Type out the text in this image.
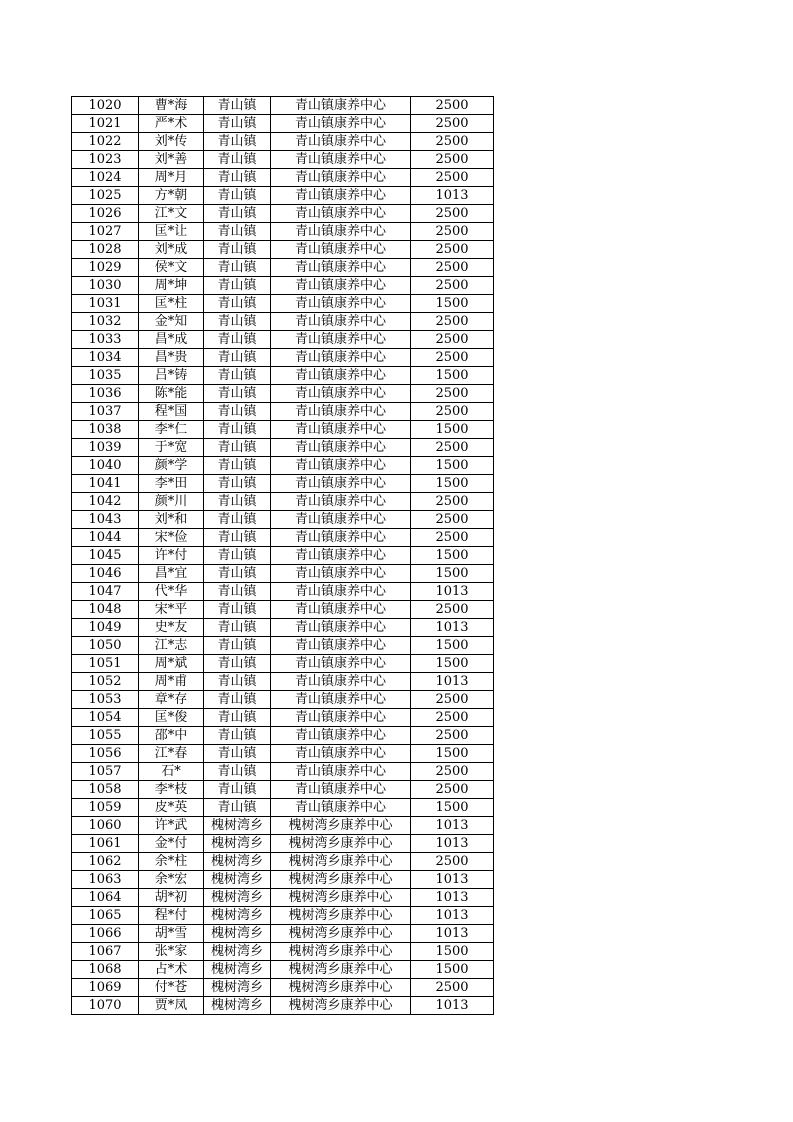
1020	曹*海	青山镇	青山镇康养中心	2500
1021	严*术	青山镇	青山镇康养中心	2500
1022	刘*传	青山镇	青山镇康养中心	2500
1023	刘*善	青山镇	青山镇康养中心	2500
1024	周*月	青山镇	青山镇康养中心	2500
1025	方*朝	青山镇	青山镇康养中心	1013
1026	江*文	青山镇	青山镇康养中心	2500
1027	匡*让	青山镇	青山镇康养中心	2500
1028	刘*成	青山镇	青山镇康养中心	2500
1029	侯*文	青山镇	青山镇康养中心	2500
1030	周*坤	青山镇	青山镇康养中心	2500
1031	匡*柱	青山镇	青山镇康养中心	1500
1032	金*知	青山镇	青山镇康养中心	2500
1033	昌*成	青山镇	青山镇康养中心	2500
1034	昌*贵	青山镇	青山镇康养中心	2500
1035	吕*铸	青山镇	青山镇康养中心	1500
1036	陈*能	青山镇	青山镇康养中心	2500
1037	程*国	青山镇	青山镇康养中心	2500
1038	李*仁	青山镇	青山镇康养中心	1500
1039	于*宽	青山镇	青山镇康养中心	2500
1040	颜*学	青山镇	青山镇康养中心	1500
1041	李*田	青山镇	青山镇康养中心	1500
1042	颜*川	青山镇	青山镇康养中心	2500
1043	刘*和	青山镇	青山镇康养中心	2500
1044	宋*俭	青山镇	青山镇康养中心	2500
1045	许*付	青山镇	青山镇康养中心	1500
1046	昌*宜	青山镇	青山镇康养中心	1500
1047	代*华	青山镇	青山镇康养中心	1013
1048	宋*平	青山镇	青山镇康养中心	2500
1049	史*友	青山镇	青山镇康养中心	1013
1050	江*志	青山镇	青山镇康养中心	1500
1051	周*斌	青山镇	青山镇康养中心	1500
1052	周*甫	青山镇	青山镇康养中心	1013
1053	章*存	青山镇	青山镇康养中心	2500
1054	匡*俊	青山镇	青山镇康养中心	2500
1055	邵*中	青山镇	青山镇康养中心	2500
1056	江*春	青山镇	青山镇康养中心	1500
1057	石*	青山镇	青山镇康养中心	2500
1058	李*枝	青山镇	青山镇康养中心	2500
1059	皮*英	青山镇	青山镇康养中心	1500
1060	许*武	槐树湾乡	槐树湾乡康养中心	1013
1061	金*付	槐树湾乡	槐树湾乡康养中心	1013
1062	余*柱	槐树湾乡	槐树湾乡康养中心	2500
1063	余*宏	槐树湾乡	槐树湾乡康养中心	1013
1064	胡*初	槐树湾乡	槐树湾乡康养中心	1013
1065	程*付	槐树湾乡	槐树湾乡康养中心	1013
1066	胡*雪	槐树湾乡	槐树湾乡康养中心	1013
1067	张*家	槐树湾乡	槐树湾乡康养中心	1500
1068	占*术	槐树湾乡	槐树湾乡康养中心	1500
1069	付*苍	槐树湾乡	槐树湾乡康养中心	2500
1070	贾*凤	槐树湾乡	槐树湾乡康养中心	1013
